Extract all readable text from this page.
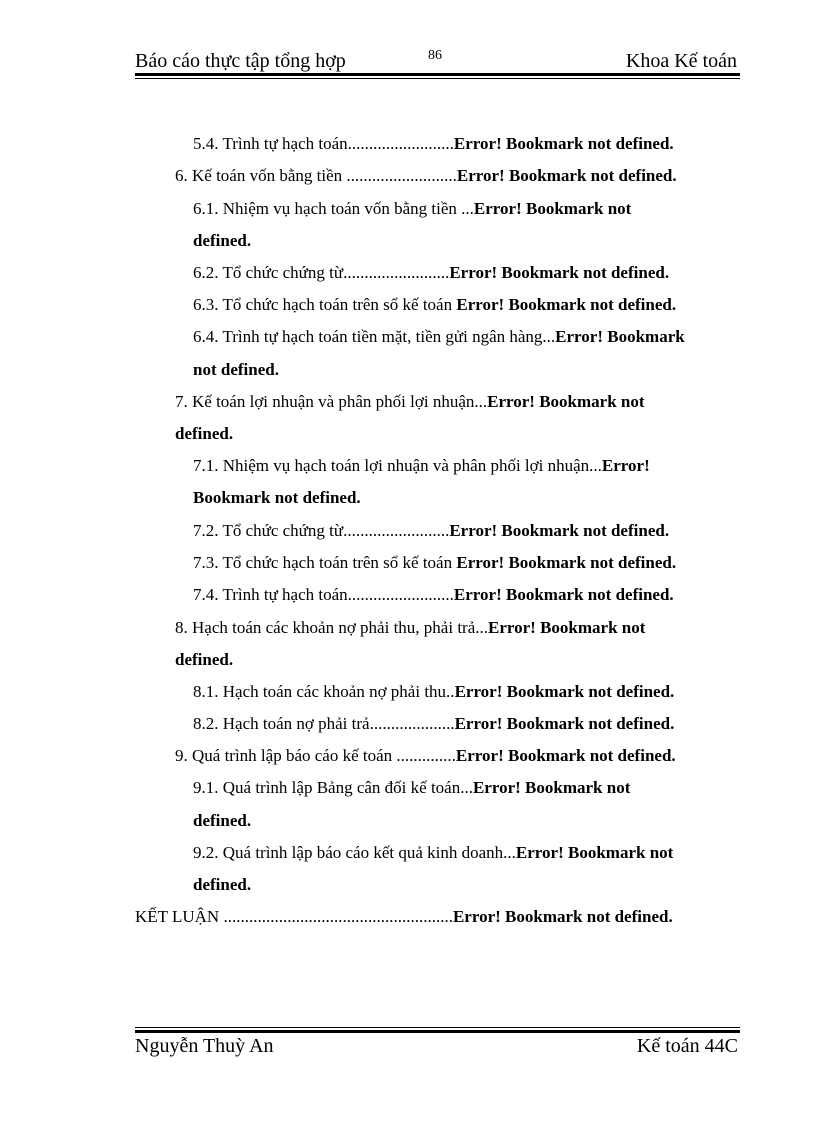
Báo cáo thực tập tổng hợp	86	Khoa Kế toán
5.4. Trình tự hạch toán.........................Error! Bookmark not defined.
6. Kế toán vốn bằng tiền ..........................Error! Bookmark not defined.
6.1. Nhiệm vụ hạch toán vốn bằng tiền ...Error! Bookmark not
defined.
6.2. Tổ chức chứng từ.........................Error! Bookmark not defined.
6.3. Tổ chức hạch toán trên sổ kế toán Error! Bookmark not defined.
6.4. Trình tự hạch toán tiền mặt, tiền gửi ngân hàng...Error! Bookmark
not defined.
7. Kế toán lợi nhuận và phân phối lợi nhuận...Error! Bookmark not
defined.
7.1. Nhiệm vụ hạch toán lợi nhuận và phân phối lợi nhuận...Error!
Bookmark not defined.
7.2. Tổ chức chứng từ.........................Error! Bookmark not defined.
7.3. Tổ chức hạch toán trên sổ kế toán Error! Bookmark not defined.
7.4. Trình tự hạch toán.........................Error! Bookmark not defined.
8. Hạch toán các khoản nợ phải thu, phải trả...Error! Bookmark not
defined.
8.1. Hạch toán các khoản nợ phải thu..Error! Bookmark not defined.
8.2. Hạch toán nợ phải trả....................Error! Bookmark not defined.
9. Quá trình lập báo cáo kế toán ..............Error! Bookmark not defined.
9.1. Quá trình lập Bảng cân đối kế toán...Error! Bookmark not
defined.
9.2. Quá trình lập báo cáo kết quả kinh doanh...Error! Bookmark not
defined.
KẾT LUẬN ......................................................Error! Bookmark not defined.
Nguyễn Thuỳ An	Kế toán 44C
